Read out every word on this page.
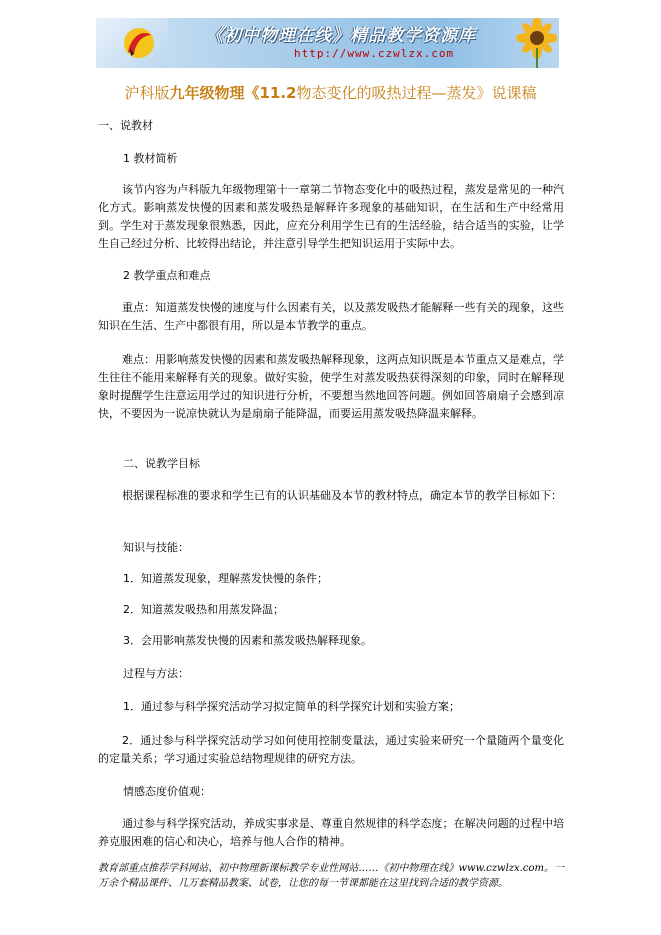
《初中物理在线》精品教学资源库
http://www.czwlzx.com
沪科版九年级物理《11.2物态变化的吸热过程—蒸发》说课稿
一、说教材
1 教材简析
该节内容为卢科版九年级物理第十一章第二节物态变化中的吸热过程，蒸发是常见的一种汽化方式。影响蒸发快慢的因素和蒸发吸热是解释许多现象的基础知识，在生活和生产中经常用到。学生对于蒸发现象很熟悉，因此，应充分利用学生已有的生活经验，结合适当的实验，让学生自己经过分析、比较得出结论，并注意引导学生把知识运用于实际中去。
2 教学重点和难点
重点：知道蒸发快慢的速度与什么因素有关，以及蒸发吸热才能解释一些有关的现象，这些知识在生活、生产中都很有用，所以是本节教学的重点。
难点：用影响蒸发快慢的因素和蒸发吸热解释现象，这两点知识既是本节重点又是难点，学生往往不能用来解释有关的现象。做好实验，使学生对蒸发吸热获得深刻的印象，同时在解释现象时提醒学生注意运用学过的知识进行分析，不要想当然地回答问题。例如回答扇扇子会感到凉快，不要因为一说凉快就认为是扇扇子能降温，而要运用蒸发吸热降温来解释。
二、说教学目标
根据课程标准的要求和学生已有的认识基础及本节的教材特点，确定本节的教学目标如下：
知识与技能：
1．知道蒸发现象，理解蒸发快慢的条件；
2．知道蒸发吸热和用蒸发降温；
3．会用影响蒸发快慢的因素和蒸发吸热解释现象。
过程与方法：
1．通过参与科学探究活动学习拟定简单的科学探究计划和实验方案；
2．通过参与科学探究活动学习如何使用控制变量法，通过实验来研究一个量随两个量变化的定量关系；学习通过实验总结物理规律的研究方法。
情感态度价值观：
通过参与科学探究活动，养成实事求是、尊重自然规律的科学态度；在解决问题的过程中培养克服困难的信心和决心，培养与他人合作的精神。
教育部重点推荐学科网站、初中物理新课标教学专业性网站……《初中物理在线》www.czwlzx.com。一万余个精品课件、几万套精品教案、试卷，让您的每一节课都能在这里找到合适的教学资源。
